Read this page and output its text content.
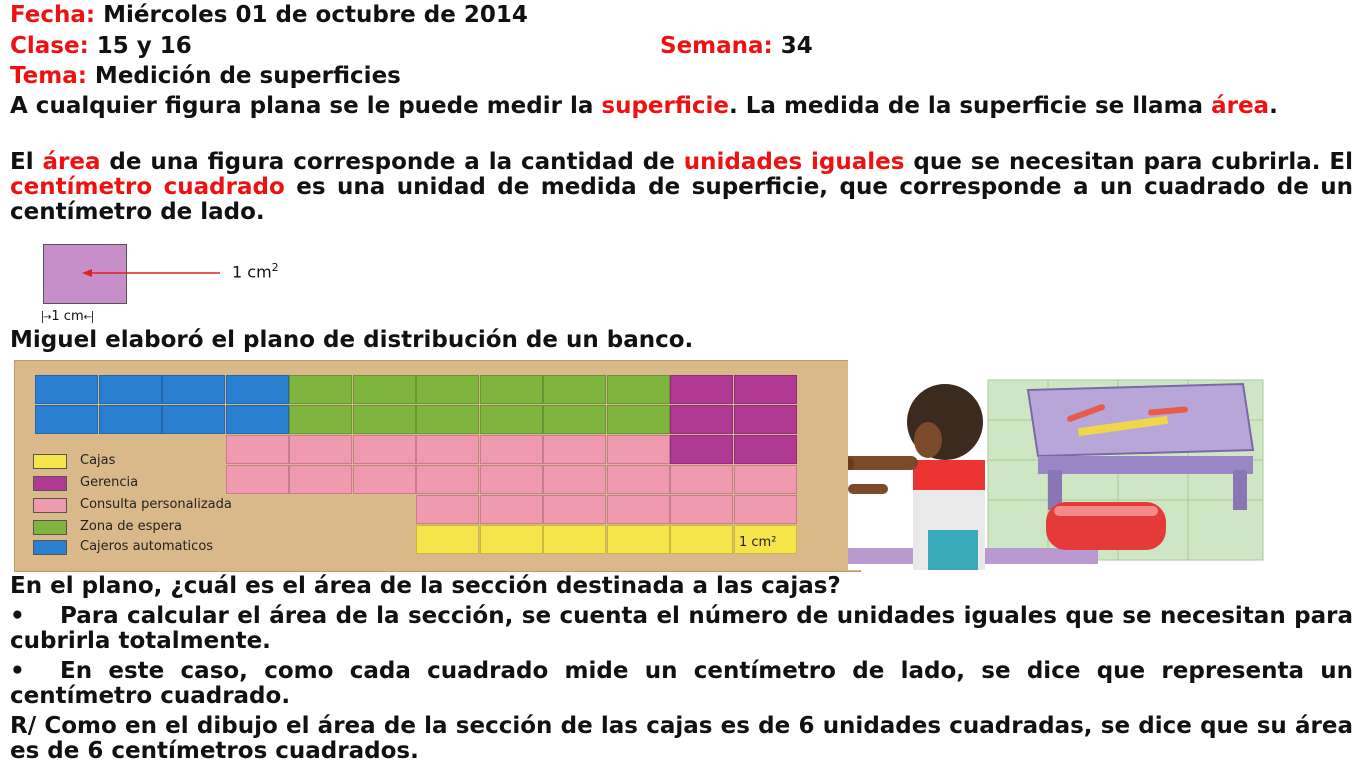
Fecha: Miércoles 01 de octubre de 2014
Clase: 15 y 16	Semana: 34
Tema: Medición de superficies
A cualquier figura plana se le puede medir la superficie. La medida de la superficie se llama área.
El área de una figura corresponde a la cantidad de unidades iguales que se necesitan para cubrirla. El centímetro cuadrado es una unidad de medida de superficie, que corresponde a un cuadrado de un centímetro de lado.
1 $cm^2$
→1 cm←
Miguel elaboró el plano de distribución de un banco.
Cajas
Gerencia
Consulta personalizada
Zona de espera
Cajeros automaticos	1 cm²
En el plano, ¿cuál es el área de la sección destinada a las cajas?
• Para calcular el área de la sección, se cuenta el número de unidades iguales que se necesitan para cubrirla totalmente.
• En este caso, como cada cuadrado mide un centímetro de lado, se dice que representa un centímetro cuadrado.
R/ Como en el dibujo el área de la sección de las cajas es de 6 unidades cuadradas, se dice que su área es de 6 centímetros cuadrados.
